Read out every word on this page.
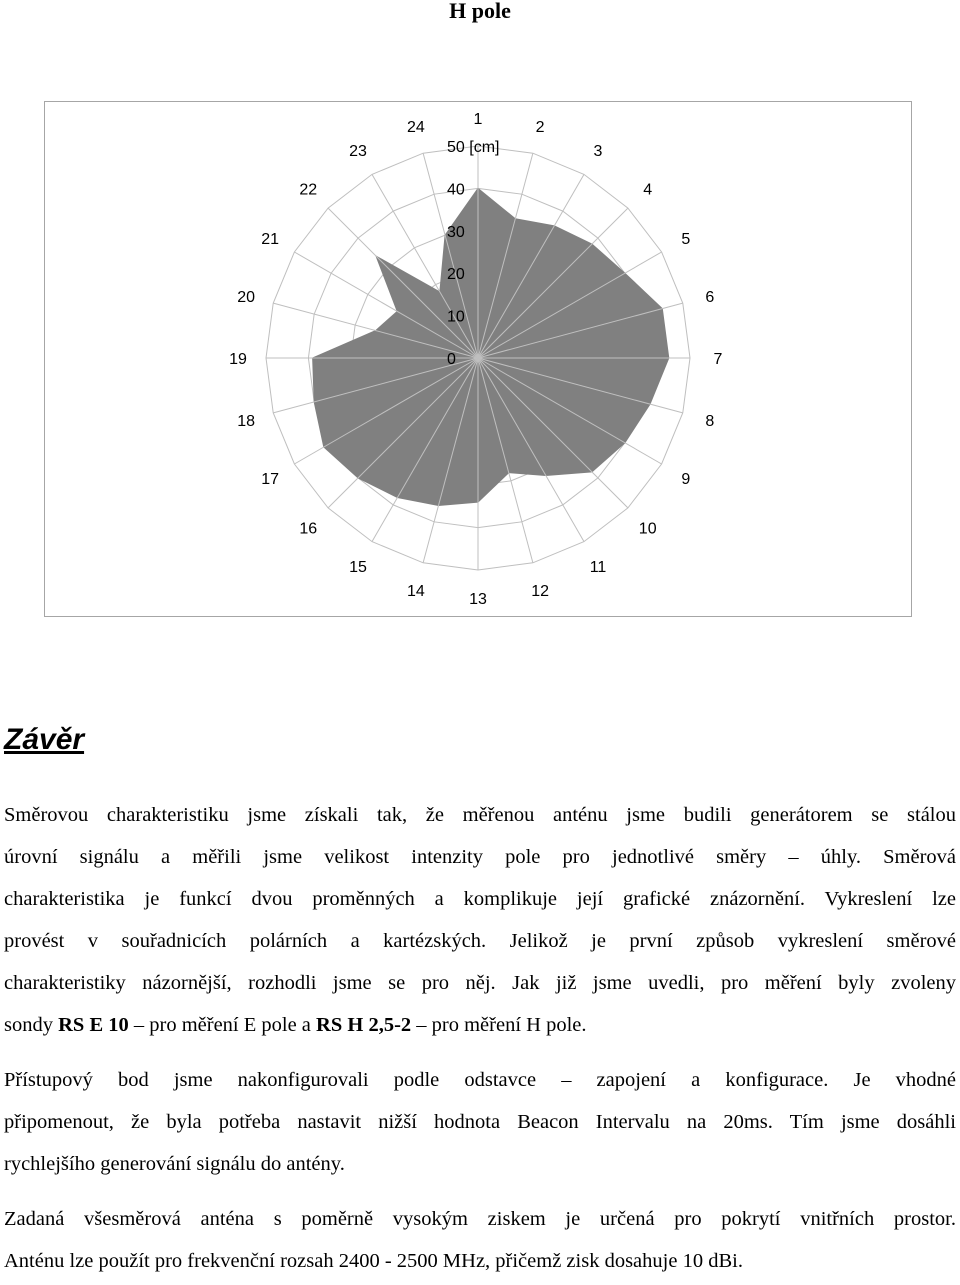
H pole
0
10
20
30
40
50 [cm]
1	2
3
4
5
6
7
8
9
10
11
12
13
14
15
16
17
18
19
20
21
22
23
24
Závěr
Směrovou charakteristiku jsme získali tak, že měřenou anténu jsme budili generátorem se stálou
úrovní signálu a měřili jsme velikost intenzity pole pro jednotlivé směry – úhly. Směrová
charakteristika je funkcí dvou proměnných a komplikuje její grafické znázornění. Vykreslení lze
provést v souřadnicích polárních a kartézských. Jelikož je první způsob vykreslení směrové
charakteristiky názornější, rozhodli jsme se pro něj. Jak již jsme uvedli, pro měření byly zvoleny
sondy RS E 10 – pro měření E pole a RS H 2,5-2 – pro měření H pole.
Přístupový bod jsme nakonfigurovali podle odstavce – zapojení a konfigurace. Je vhodné
připomenout, že byla potřeba nastavit nižší hodnota Beacon Intervalu na 20ms. Tím jsme dosáhli
rychlejšího generování signálu do antény.
Zadaná všesměrová anténa s poměrně vysokým ziskem je určená pro pokrytí vnitřních prostor.
Anténu lze použít pro frekvenční rozsah 2400 - 2500 MHz, přičemž zisk dosahuje 10 dBi.
